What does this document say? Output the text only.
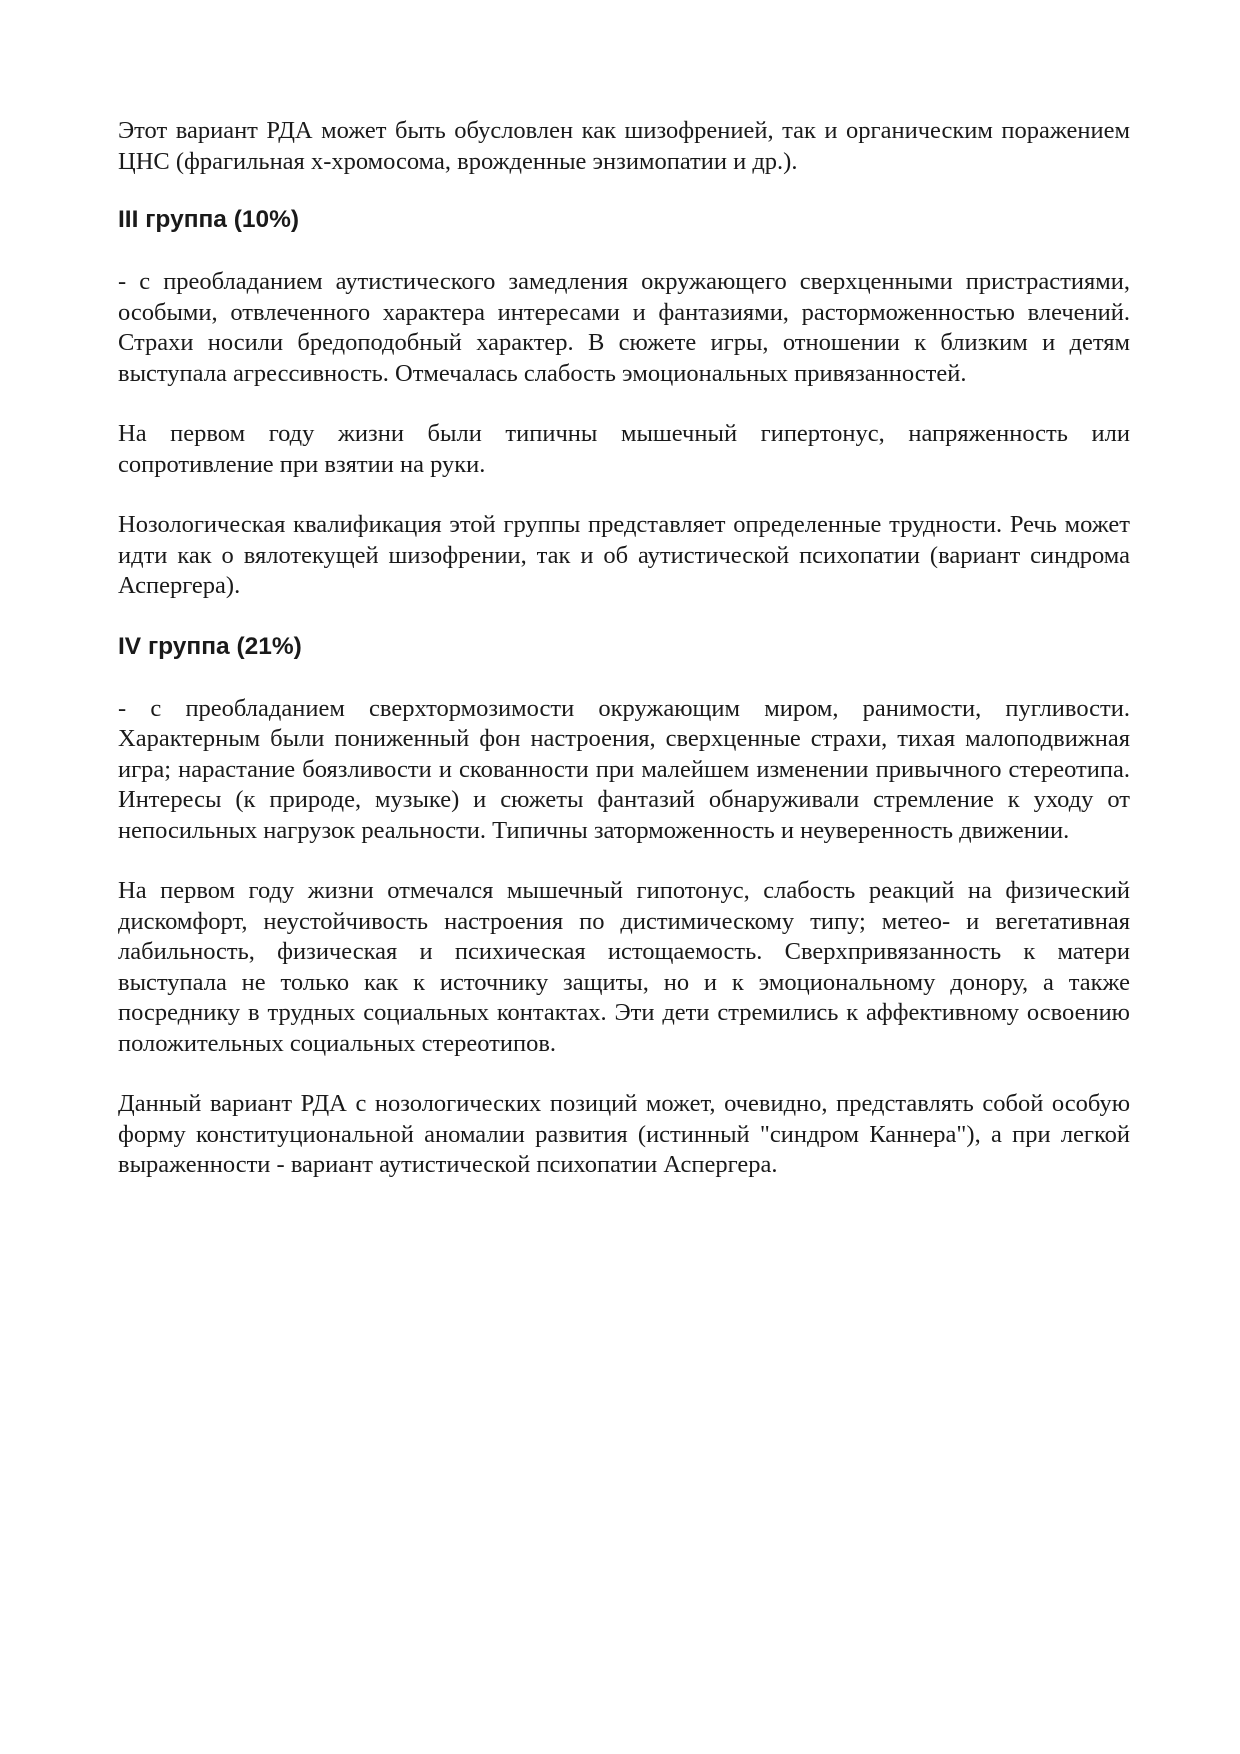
Этот вариант РДА может быть обусловлен как шизофренией, так и органическим поражением ЦНС (фрагильная х-хромосома, врожденные энзимопатии и др.).

III группа (10%)

- с преобладанием аутистического замедления окружающего сверхценными пристрастиями, особыми, отвлеченного характера интересами и фантазиями, расторможенностью влечений. Страхи носили бредоподобный характер. В сюжете игры, отношении к близким и детям выступала агрессивность. Отмечалась слабость эмоциональных привязанностей.

На первом году жизни были типичны мышечный гипертонус, напряженность или сопротивление при взятии на руки.

Нозологическая квалификация этой группы представляет определенные трудности. Речь может идти как о вялотекущей шизофрении, так и об аутистической психопатии (вариант синдрома Аспергера).

IV группа (21%)

- с преобладанием сверхтормозимости окружающим миром, ранимости, пугливости. Характерным были пониженный фон настроения, сверхценные страхи, тихая малоподвижная игра; нарастание боязливости и скованности при малейшем изменении привычного стереотипа. Интересы (к природе, музыке) и сюжеты фантазий обнаруживали стремление к уходу от непосильных нагрузок реальности. Типичны заторможенность и неуверенность движении.

На первом году жизни отмечался мышечный гипотонус, слабость реакций на физический дискомфорт, неустойчивость настроения по дистимическому типу; метео- и вегетативная лабильность, физическая и психическая истощаемость. Сверхпривязанность к матери выступала не только как к источнику защиты, но и к эмоциональному донору, а также посреднику в трудных социальных контактах. Эти дети стремились к аффективному освоению положительных социальных стереотипов.

Данный вариант РДА с нозологических позиций может, очевидно, представлять собой особую форму конституциональной аномалии развития (истинный "синдром Каннера"), а при легкой выраженности - вариант аутистической психопатии Аспергера.
